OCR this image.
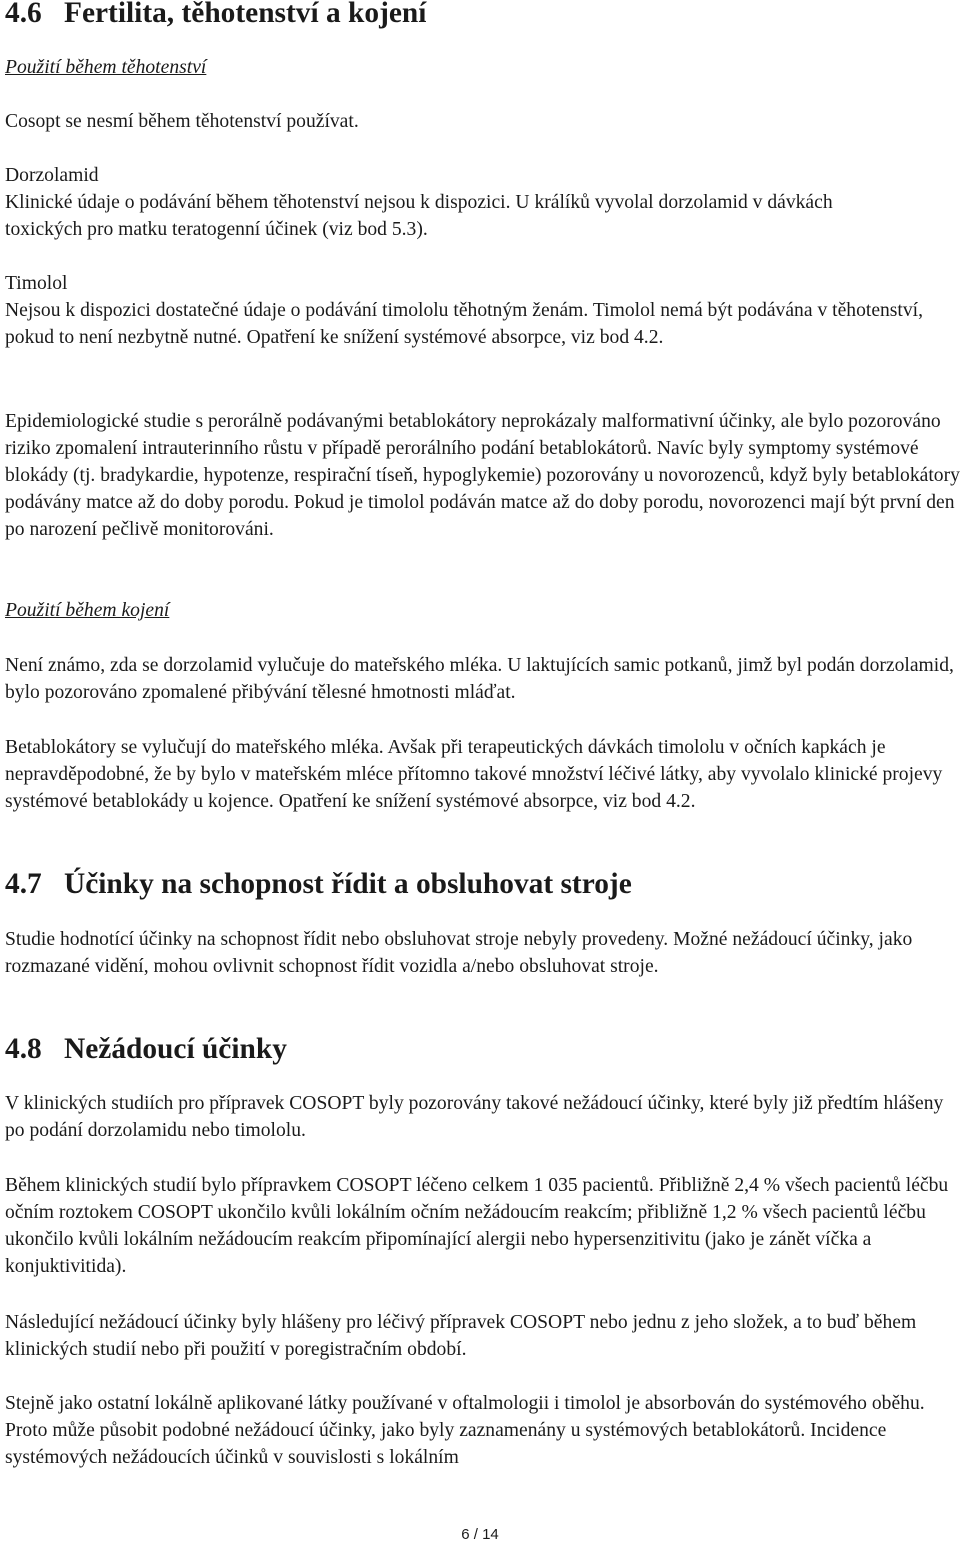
4.6 Fertilita, těhotenství a kojení

Použití během těhotenství

Cosopt se nesmí během těhotenství používat.

Dorzolamid

Klinické údaje o podávání během těhotenství nejsou k dispozici. U králíků vyvolal dorzolamid v dávkách toxických pro matku teratogenní účinek (viz bod 5.3).

Timolol

Nejsou k dispozici dostatečné údaje o podávání timololu těhotným ženám. Timolol nemá být podávána v těhotenství, pokud to není nezbytně nutné. Opatření ke snížení systémové absorpce, viz bod 4.2.

Epidemiologické studie s perorálně podávanými betablokátory neprokázaly malformativní účinky, ale bylo pozorováno riziko zpomalení intrauterinního růstu v případě perorálního podání betablokátorů. Navíc byly symptomy systémové blokády (tj. bradykardie, hypotenze, respirační tíseň, hypoglykemie) pozorovány u novorozenců, když byly betablokátory podávány matce až do doby porodu. Pokud je timolol podáván matce až do doby porodu, novorozenci mají být první den po narození pečlivě monitorováni.

Použití během kojení

Není známo, zda se dorzolamid vylučuje do mateřského mléka. U laktujících samic potkanů, jimž byl podán dorzolamid, bylo pozorováno zpomalené přibývání tělesné hmotnosti mláďat.

Betablokátory se vylučují do mateřského mléka. Avšak při terapeutických dávkách timololu v očních kapkách je nepravděpodobné, že by bylo v mateřském mléce přítomno takové množství léčivé látky, aby vyvolalo klinické projevy systémové betablokády u kojence. Opatření ke snížení systémové absorpce, viz bod 4.2.

4.7 Účinky na schopnost řídit a obsluhovat stroje

Studie hodnotící účinky na schopnost řídit nebo obsluhovat stroje nebyly provedeny. Možné nežádoucí účinky, jako rozmazané vidění, mohou ovlivnit schopnost řídit vozidla a/nebo obsluhovat stroje.

4.8 Nežádoucí účinky

V klinických studiích pro přípravek COSOPT byly pozorovány takové nežádoucí účinky, které byly již předtím hlášeny po podání dorzolamidu nebo timololu.

Během klinických studií bylo přípravkem COSOPT léčeno celkem 1 035 pacientů. Přibližně 2,4 % všech pacientů léčbu očním roztokem COSOPT ukončilo kvůli lokálním očním nežádoucím reakcím; přibližně 1,2 % všech pacientů léčbu ukončilo kvůli lokálním nežádoucím reakcím připomínající alergii nebo hypersenzitivitu (jako je zánět víčka a konjuktivitida).

Následující nežádoucí účinky byly hlášeny pro léčivý přípravek COSOPT nebo jednu z jeho složek, a to buď během klinických studií nebo při použití v poregistračním období.

Stejně jako ostatní lokálně aplikované látky používané v oftalmologii i timolol je absorbován do systémového oběhu. Proto může působit podobné nežádoucí účinky, jako byly zaznamenány u systémových betablokátorů. Incidence systémových nežádoucích účinků v souvislosti s lokálním

6 / 14
